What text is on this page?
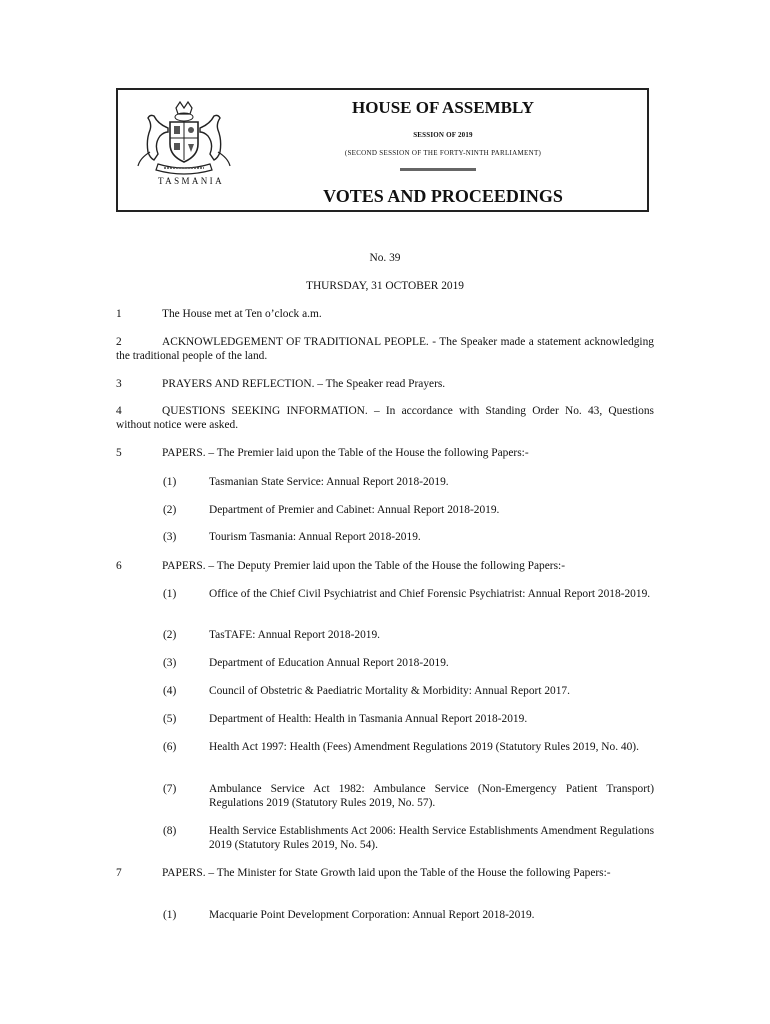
TASMANIA
HOUSE OF ASSEMBLY
SESSION OF 2019
(SECOND SESSION OF THE FORTY-NINTH PARLIAMENT)
VOTES AND PROCEEDINGS
No. 39
THURSDAY, 31 OCTOBER 2019
1	The House met at Ten o’clock a.m.
2	ACKNOWLEDGEMENT OF TRADITIONAL PEOPLE. - The Speaker made a statement acknowledging the traditional people of the land.
3	PRAYERS AND REFLECTION. – The Speaker read Prayers.
4	QUESTIONS SEEKING INFORMATION. – In accordance with Standing Order No. 43, Questions without notice were asked.
5	PAPERS. – The Premier laid upon the Table of the House the following Papers:-
(1)	Tasmanian State Service: Annual Report 2018-2019.
(2)	Department of Premier and Cabinet: Annual Report 2018-2019.
(3)	Tourism Tasmania: Annual Report 2018-2019.
6	PAPERS. – The Deputy Premier laid upon the Table of the House the following Papers:-
(1)	Office of the Chief Civil Psychiatrist and Chief Forensic Psychiatrist: Annual Report 2018-2019.
(2)	TasTAFE: Annual Report 2018-2019.
(3)	Department of Education Annual Report 2018-2019.
(4)	Council of Obstetric & Paediatric Mortality & Morbidity: Annual Report 2017.
(5)	Department of Health: Health in Tasmania Annual Report 2018-2019.
(6)	Health Act 1997: Health (Fees) Amendment Regulations 2019 (Statutory Rules 2019, No. 40).
(7)	Ambulance Service Act 1982: Ambulance Service (Non-Emergency Patient Transport) Regulations 2019 (Statutory Rules 2019, No. 57).
(8)	Health Service Establishments Act 2006: Health Service Establishments Amendment Regulations 2019 (Statutory Rules 2019, No. 54).
7	PAPERS. – The Minister for State Growth laid upon the Table of the House the following Papers:-
(1)	Macquarie Point Development Corporation: Annual Report 2018-2019.
